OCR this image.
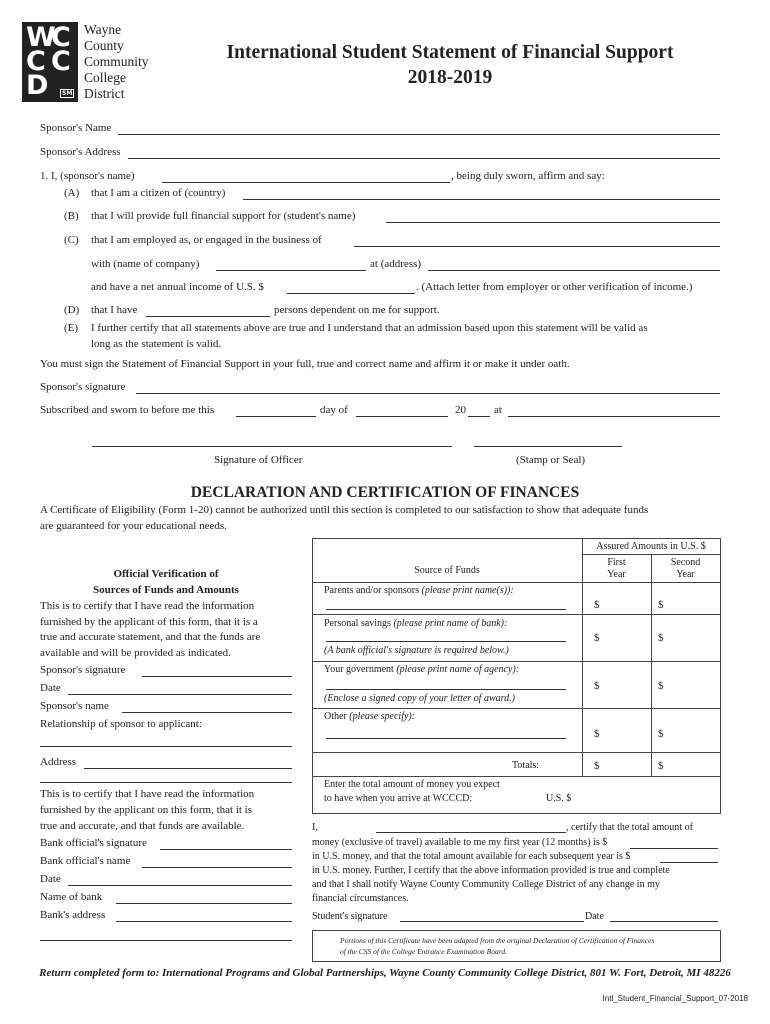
W
C
C C
D	SM
Wayne
County
Community
College
District
International Student Statement of Financial Support
2018-2019
Sponsor's Name
Sponsor's Address
1. I, (sponsor's name)	, being duly sworn, affirm and say:
(A) that I am a citizen of (country)
(B) that I will provide full financial support for (student's name)
(C) that I am employed as, or engaged in the business of
with (name of company)	at (address)
and have a net annual income of U.S. $	. (Attach letter from employer or other verification of income.)
(D) that I have	persons dependent on me for support.
(E) I further certify that all statements above are true and I understand that an admission based upon this statement will be valid as
long as the statement is valid.
You must sign the Statement of Financial Support in your full, true and correct name and affirm it or make it under oath.
Sponsor's signature
Subscribed and sworn to before me this	day of	20	at
Signature of Officer	(Stamp or Seal)
DECLARATION AND CERTIFICATION OF FINANCES
A Certificate of Eligibility (Form 1-20) cannot be authorized until this section is completed to our satisfaction to show that adequate funds
are guaranteed for your educational needs.
Official Verification of
Sources of Funds and Amounts
This is to certify that I have read the information
furnished by the applicant of this form, that it is a
true and accurate statement, and that the funds are
available and will be provided as indicated.
Sponsor's signature
Date
Sponsor's name
Relationship of sponsor to applicant:
Address
This is to certify that I have read the information
furnished by the applicant on this form, that it is
true and accurate, and that funds are available.
Bank official's signature
Bank official's name
Date
Name of bank
Bank's address
Assured Amounts in U.S. $
Source of Funds
First
Year
Second
Year
Parents and/or sponsors (please print name(s)):
$	$
Personal savings (please print name of bank):
(A bank official's signature is required below.)
$	$
Your government (please print name of agency):
(Enclose a signed copy of your letter of award.)
$	$
Other (please specify):
$	$
Totals:	$	$
Enter the total amount of money you expect
to have when you arrive at WCCCD:	U.S. $
I,	, certify that the total amount of
money (exclusive of travel) available to me my first year (12 months) is $
in U.S. money, and that the total amount available for each subsequent year is $
in U.S. money. Further, I certify that the above information provided is true and complete
and that I shall notify Wayne County Community College District of any change in my
financial circumstances.
Student's signature	Date
Portions of this Certificate have been adapted from the original Declaration of Certification of Finances
of the CSS of the College Entrance Examination Board.
Return completed form to: International Programs and Global Partnerships, Wayne County Community College District, 801 W. Fort, Detroit, MI 48226
Intl_Student_Financial_Support_07-2018
